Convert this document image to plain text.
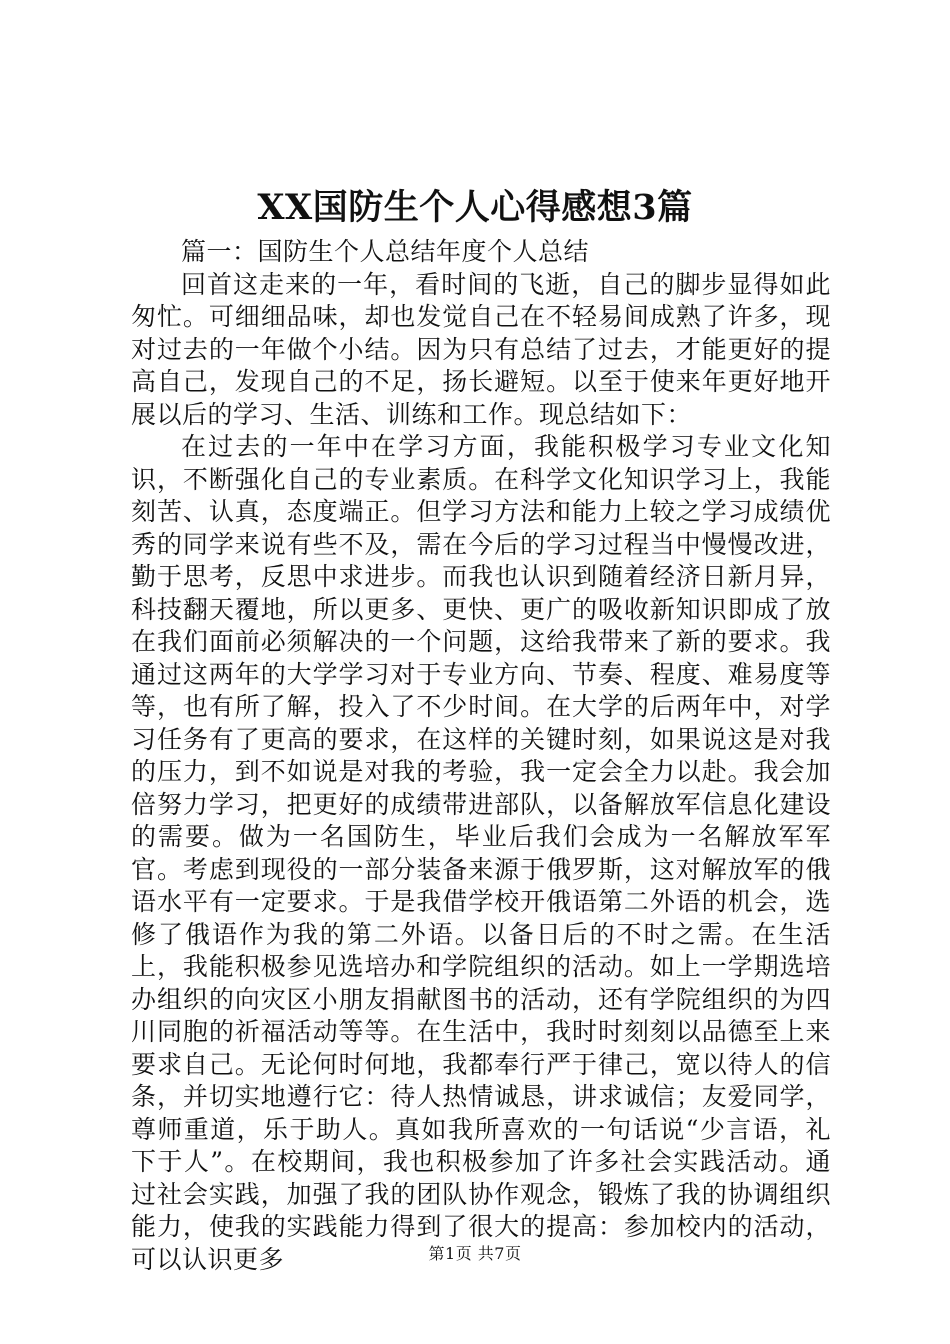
XX国防生个人心得感想3篇

篇一：国防生个人总结年度个人总结

回首这走来的一年，看时间的飞逝，自己的脚步显得如此匆忙。可细细品味，却也发觉自己在不轻易间成熟了许多，现对过去的一年做个小结。因为只有总结了过去，才能更好的提高自己，发现自己的不足，扬长避短。以至于使来年更好地开展以后的学习、生活、训练和工作。现总结如下：

在过去的一年中在学习方面，我能积极学习专业文化知识，不断强化自己的专业素质。在科学文化知识学习上，我能刻苦、认真，态度端正。但学习方法和能力上较之学习成绩优秀的同学来说有些不及，需在今后的学习过程当中慢慢改进，勤于思考，反思中求进步。而我也认识到随着经济日新月异，科技翻天覆地，所以更多、更快、更广的吸收新知识即成了放在我们面前必须解决的一个问题，这给我带来了新的要求。我通过这两年的大学学习对于专业方向、节奏、程度、难易度等等，也有所了解，投入了不少时间。在大学的后两年中，对学习任务有了更高的要求，在这样的关键时刻，如果说这是对我的压力，到不如说是对我的考验，我一定会全力以赴。我会加倍努力学习，把更好的成绩带进部队，以备解放军信息化建设的需要。做为一名国防生，毕业后我们会成为一名解放军军官。考虑到现役的一部分装备来源于俄罗斯，这对解放军的俄语水平有一定要求。于是我借学校开俄语第二外语的机会，选修了俄语作为我的第二外语。以备日后的不时之需。在生活上，我能积极参见选培办和学院组织的活动。如上一学期选培办组织的向灾区小朋友捐献图书的活动，还有学院组织的为四川同胞的祈福活动等等。在生活中，我时时刻刻以品德至上来要求自己。无论何时何地，我都奉行严于律己，宽以待人的信条，并切实地遵行它：待人热情诚恳，讲求诚信；友爱同学，尊师重道，乐于助人。真如我所喜欢的一句话说“少言语，礼下于人”。在校期间，我也积极参加了许多社会实践活动。通过社会实践，加强了我的团队协作观念，锻炼了我的协调组织能力，使我的实践能力得到了很大的提高：参加校内的活动，可以认识更多	第1页 共7页
